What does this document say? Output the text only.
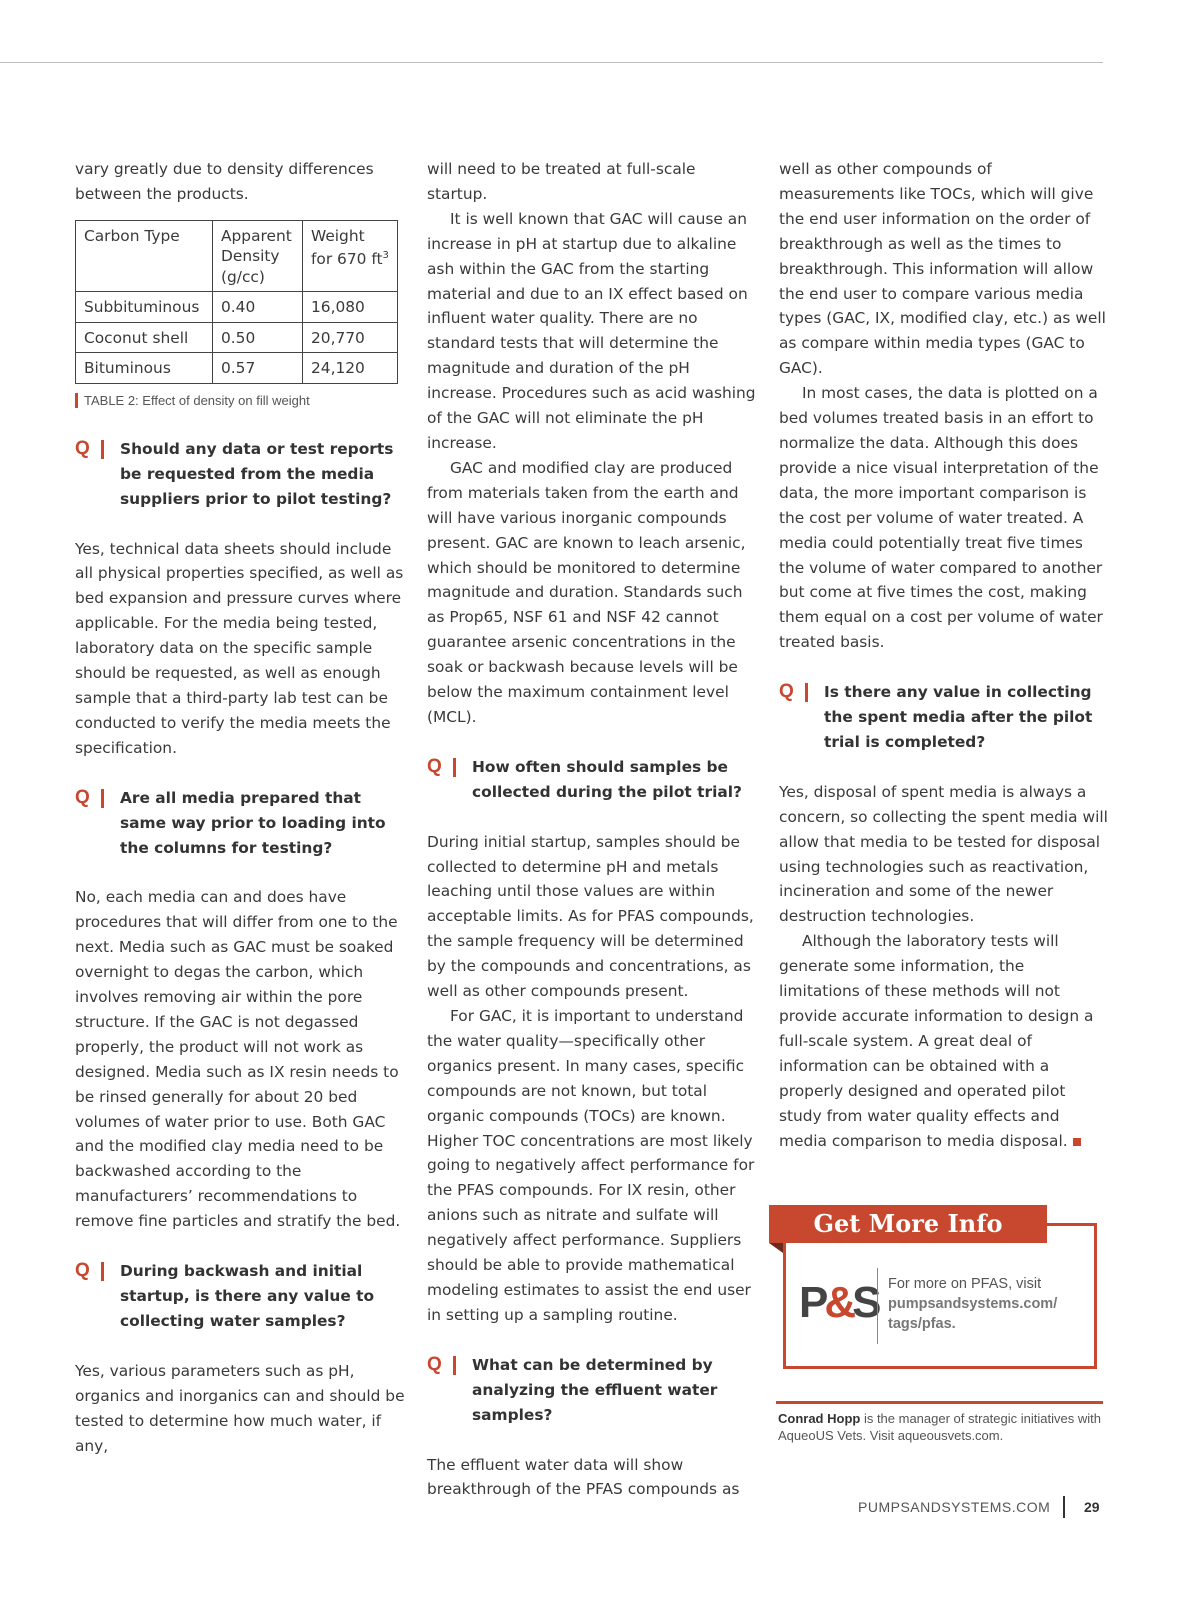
vary greatly due to density differences between the products.

Carbon Type	Apparent Density (g/cc)	Weight for 670 $ft^3$
Subbituminous	0.40	16,080
Coconut shell	0.50	20,770
Bituminous	0.57	24,120
TABLE 2: Effect of density on fill weight
Q Should any data or test reports be requested from the media suppliers prior to pilot testing?

Yes, technical data sheets should include all physical properties specified, as well as bed expansion and pressure curves where applicable. For the media being tested, laboratory data on the specific sample should be requested, as well as enough sample that a third-party lab test can be conducted to verify the media meets the specification.

Q Are all media prepared that same way prior to loading into the columns for testing?

No, each media can and does have procedures that will differ from one to the next. Media such as GAC must be soaked overnight to degas the carbon, which involves removing air within the pore structure. If the GAC is not degassed properly, the product will not work as designed. Media such as IX resin needs to be rinsed generally for about 20 bed volumes of water prior to use. Both GAC and the modified clay media need to be backwashed according to the manufacturers’ recommendations to remove fine particles and stratify the bed.

Q During backwash and initial startup, is there any value to collecting water samples?

Yes, various parameters such as pH, organics and inorganics can and should be tested to determine how much water, if any,

will need to be treated at full-scale startup.

It is well known that GAC will cause an increase in pH at startup due to alkaline ash within the GAC from the starting material and due to an IX effect based on influent water quality. There are no standard tests that will determine the magnitude and duration of the pH increase. Procedures such as acid washing of the GAC will not eliminate the pH increase.

GAC and modified clay are produced from materials taken from the earth and will have various inorganic compounds present. GAC are known to leach arsenic, which should be monitored to determine magnitude and duration. Standards such as Prop65, NSF 61 and NSF 42 cannot guarantee arsenic concentrations in the soak or backwash because levels will be below the maximum containment level (MCL).

Q How often should samples be collected during the pilot trial?

During initial startup, samples should be collected to determine pH and metals leaching until those values are within acceptable limits. As for PFAS compounds, the sample frequency will be determined by the compounds and concentrations, as well as other compounds present.

For GAC, it is important to understand the water quality—specifically other organics present. In many cases, specific compounds are not known, but total organic compounds (TOCs) are known. Higher TOC concentrations are most likely going to negatively affect performance for the PFAS compounds. For IX resin, other anions such as nitrate and sulfate will negatively affect performance. Suppliers should be able to provide mathematical modeling estimates to assist the end user in setting up a sampling routine.

Q What can be determined by analyzing the effluent water samples?

The effluent water data will show breakthrough of the PFAS compounds as

well as other compounds of measurements like TOCs, which will give the end user information on the order of breakthrough as well as the times to breakthrough. This information will allow the end user to compare various media types (GAC, IX, modified clay, etc.) as well as compare within media types (GAC to GAC).

In most cases, the data is plotted on a bed volumes treated basis in an effort to normalize the data. Although this does provide a nice visual interpretation of the data, the more important comparison is the cost per volume of water treated. A media could potentially treat five times the volume of water compared to another but come at five times the cost, making them equal on a cost per volume of water treated basis.

Q Is there any value in collecting the spent media after the pilot trial is completed?

Yes, disposal of spent media is always a concern, so collecting the spent media will allow that media to be tested for disposal using technologies such as reactivation, incineration and some of the newer destruction technologies.

Although the laboratory tests will generate some information, the limitations of these methods will not provide accurate information to design a full-scale system. A great deal of information can be obtained with a properly designed and operated pilot study from water quality effects and media comparison to media disposal.

Get More Info
P&S For more on PFAS, visit
pumpsandsystems.com/
tags/pfas.
Conrad Hopp is the manager of strategic initiatives with AqueoUS Vets. Visit aqueousvets.com.
PUMPSANDSYSTEMS.COM 29
